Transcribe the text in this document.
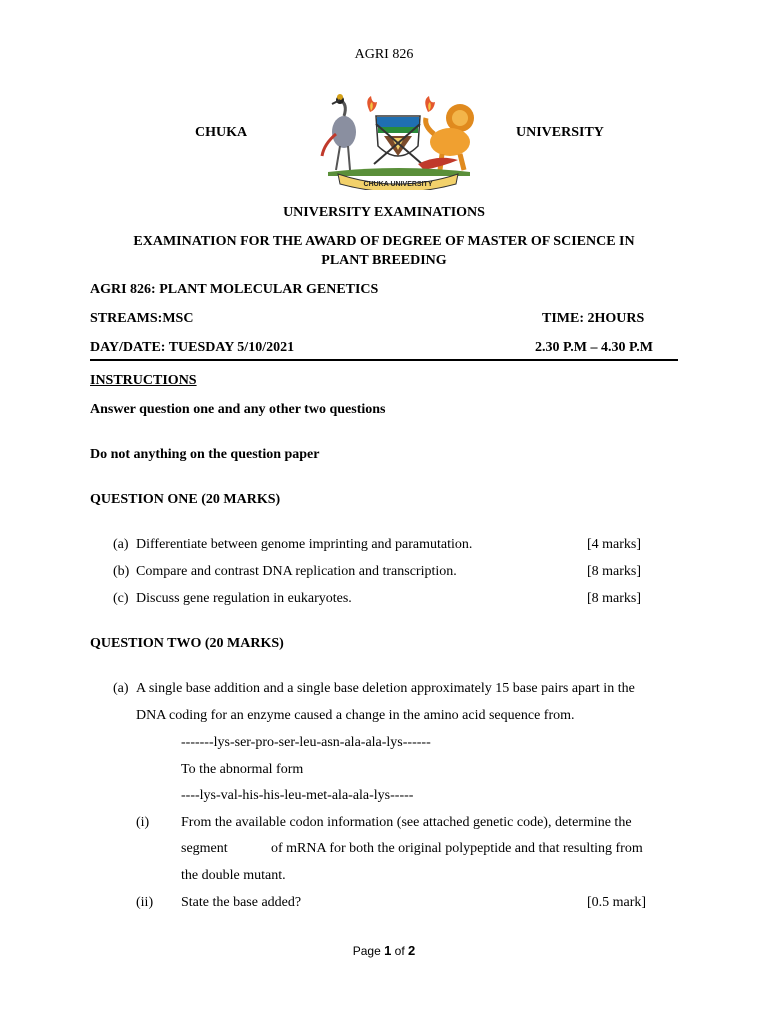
AGRI 826
CHUKA	UNIVERSITY
CHUKA UNIVERSITY
UNIVERSITY EXAMINATIONS
EXAMINATION FOR THE AWARD OF DEGREE OF MASTER OF SCIENCE IN
PLANT BREEDING
AGRI 826: PLANT MOLECULAR GENETICS
STREAMS:MSC	TIME: 2HOURS
DAY/DATE: TUESDAY 5/10/2021	2.30 P.M – 4.30 P.M
INSTRUCTIONS
Answer question one and any other two questions
Do not anything on the question paper
QUESTION ONE (20 MARKS)
(a) Differentiate between genome imprinting and paramutation.	[4 marks]
(b) Compare and contrast DNA replication and transcription.	[8 marks]
(c) Discuss gene regulation in eukaryotes.	[8 marks]
QUESTION TWO (20 MARKS)
(a) A single base addition and a single base deletion approximately 15 base pairs apart in the
DNA coding for an enzyme caused a change in the amino acid sequence from.
-------lys-ser-pro-ser-leu-asn-ala-ala-lys------
To the abnormal form
----lys-val-his-his-leu-met-ala-ala-lys-----
(i) From the available codon information (see attached genetic code), determine the
segment	of mRNA for both the original polypeptide and that resulting from
the double mutant.
(ii) State the base added?	[0.5 mark]
Page 1 of 2
